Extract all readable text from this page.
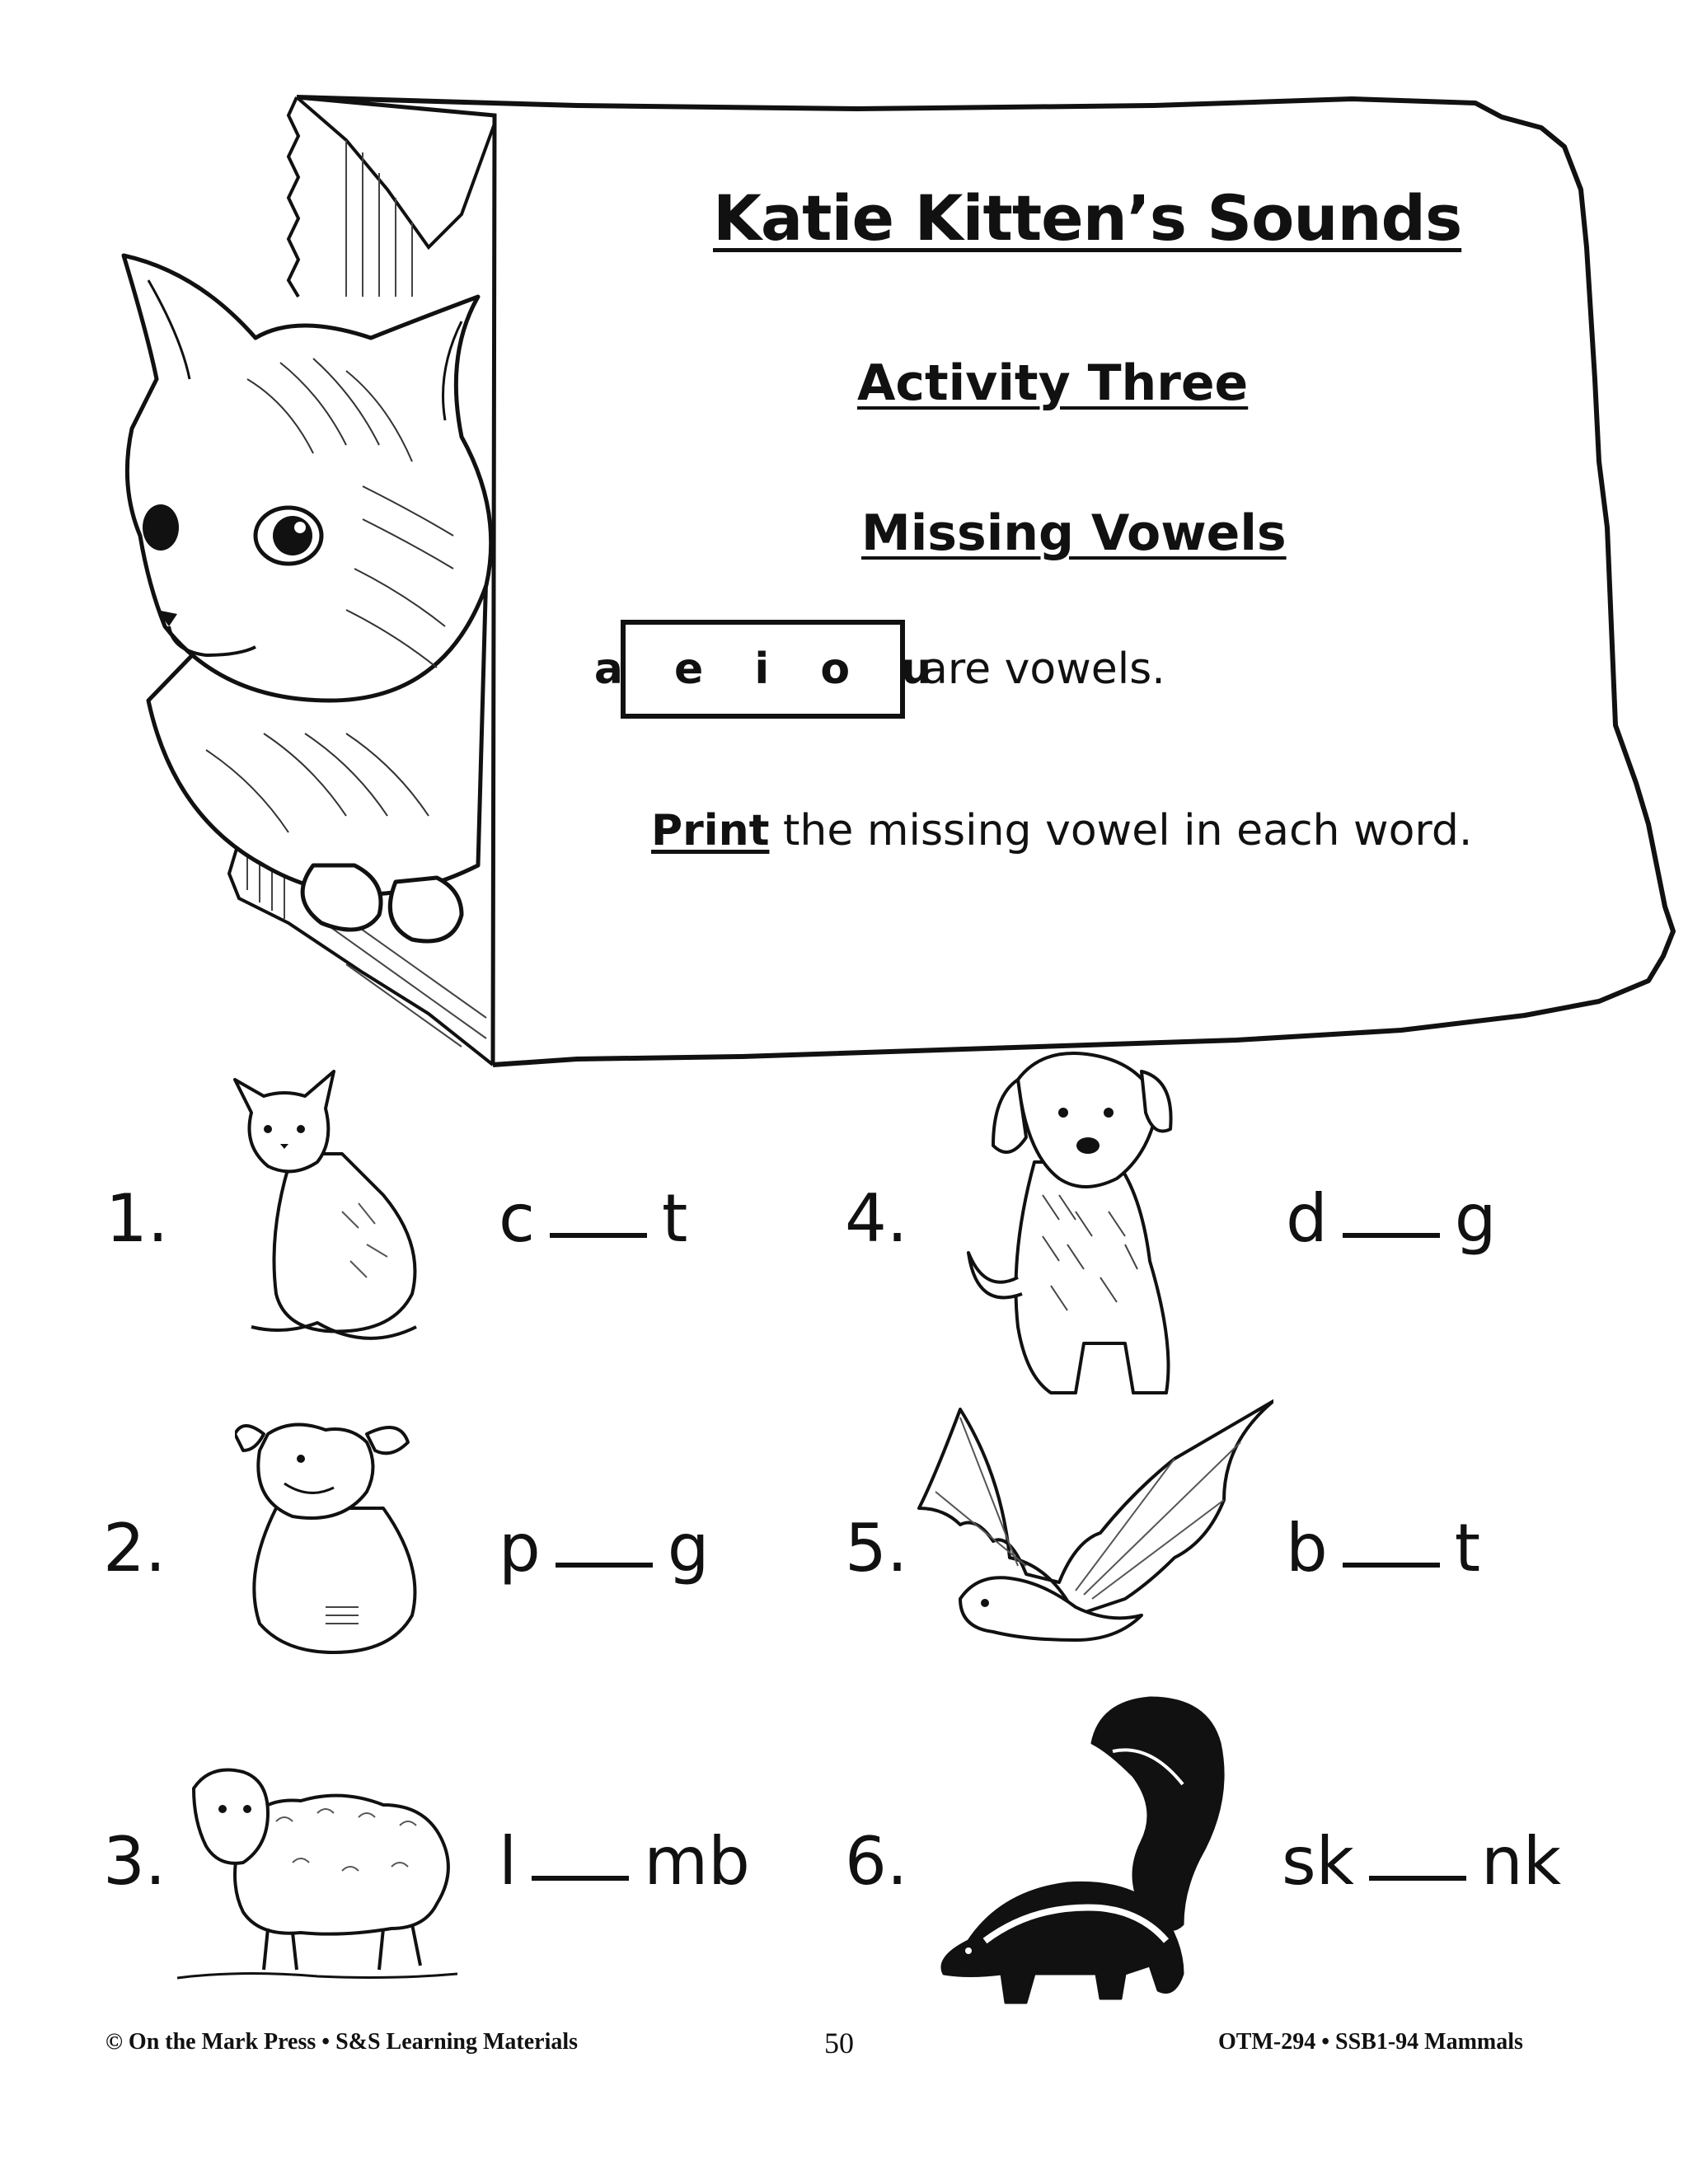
Katie Kitten’s Sounds
Activity Three
Missing Vowels
a e i o u
are vowels.
Print the missing vowel in each word.
1.	c t
2.	p g
3.	l mb
4.	d g
5.	b t
6.	sk nk
© On the Mark Press • S&S Learning Materials	50	OTM-294 • SSB1-94 Mammals
